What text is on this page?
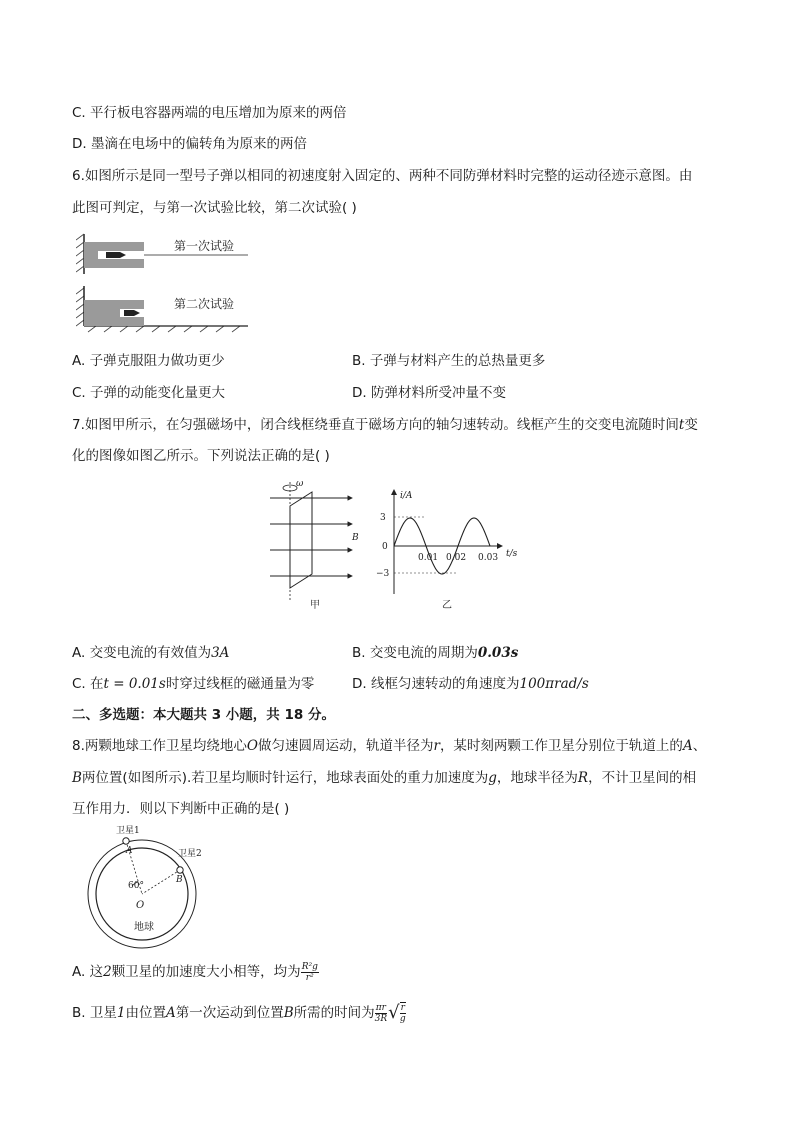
C. 平行板电容器两端的电压增加为原来的两倍
D. 墨滴在电场中的偏转角为原来的两倍
6.如图所示是同一型号子弹以相同的初速度射入固定的、两种不同防弹材料时完整的运动径迹示意图。由
此图可判定，与第一次试验比较，第二次试验( )
第一次试验
第二次试验
A. 子弹克服阻力做功更少	B. 子弹与材料产生的总热量更多
C. 子弹的动能变化量更大	D. 防弹材料所受冲量不变
7.如图甲所示，在匀强磁场中，闭合线框绕垂直于磁场方向的轴匀速转动。线框产生的交变电流随时间t变
化的图像如图乙所示。下列说法正确的是( )
ω
B
甲
i/A
t/s
3
0
−3
0.01 0.02 0.03
乙
A. 交变电流的有效值为3A	B. 交变电流的周期为0.03s
C. 在t = 0.01s时穿过线框的磁通量为零	D. 线框匀速转动的角速度为100πrad/s
二、多选题：本大题共 3 小题，共 18 分。
8.两颗地球工作卫星均绕地心O做匀速圆周运动，轨道半径为r，某时刻两颗工作卫星分别位于轨道上的A、
B两位置(如图所示).若卫星均顺时针运行，地球表面处的重力加速度为g，地球半径为R，不计卫星间的相
互作用力．则以下判断中正确的是( )
卫星1
卫星2
A
B
60°
O
地球
A. 这2颗卫星的加速度大小相等，均为 $\frac{\text{R²g}}{\text{r²}}$
B. 卫星1由位置A第一次运动到位置B所需的时间为 $\frac{\pi r}{3R}$ √ $\frac{r}{g}$
